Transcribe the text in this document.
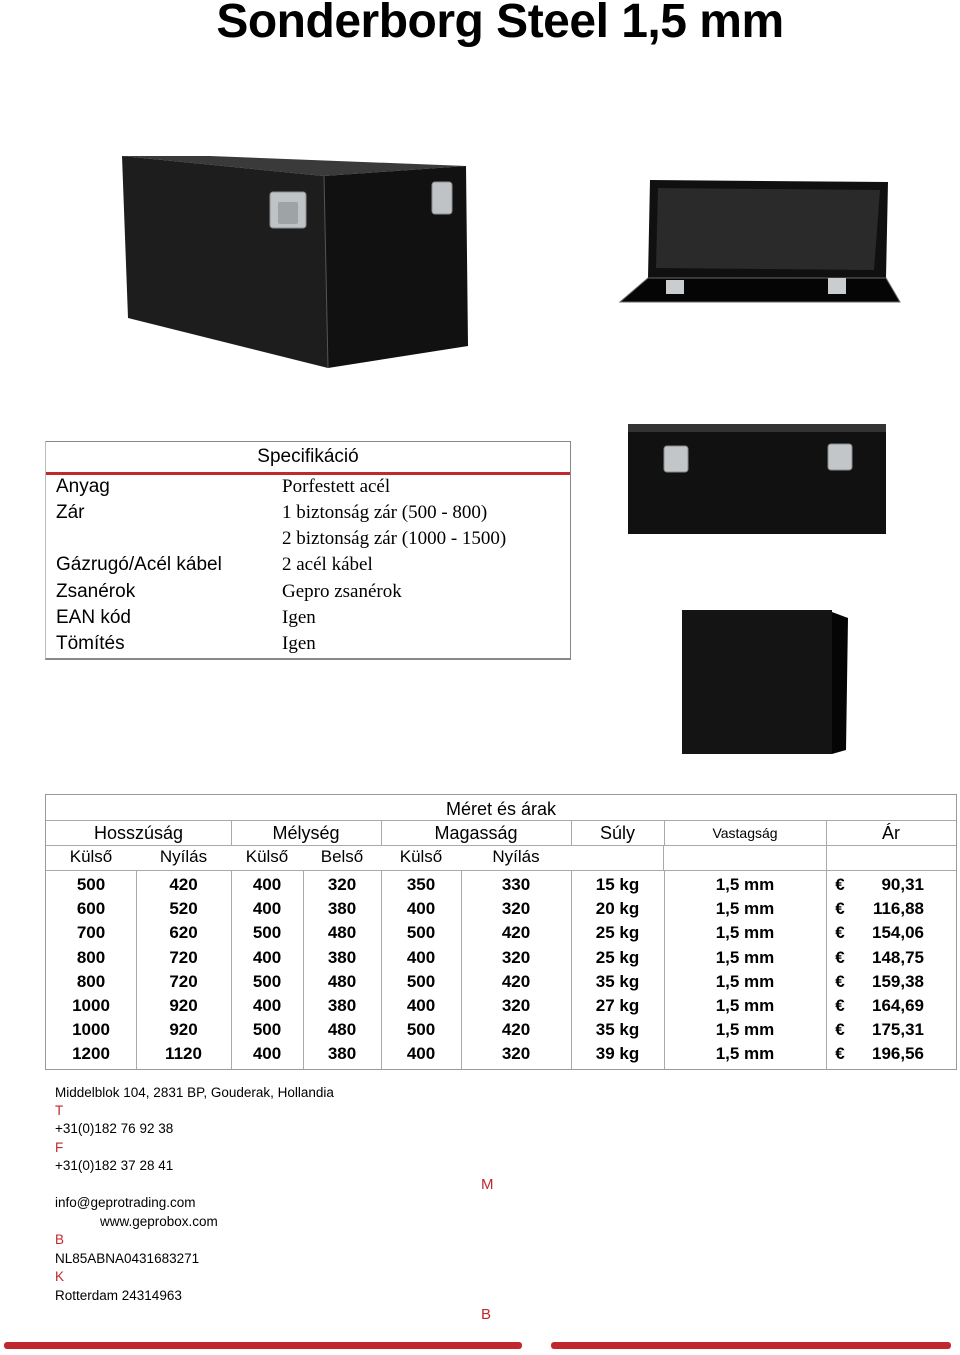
Sonderborg Steel 1,5 mm
Specifikáció
Anyag	Porfestett acél
Zár	1 biztonság zár (500 - 800)
2 biztonság zár (1000 - 1500)
Gázrugó/Acél kábel	2 acél kábel
Zsanérok	Gepro zsanérok
EAN kód	Igen
Tömítés	Igen
Méret és árak
Hosszúság	Mélység	Magasság	Súly	Vastagság	Ár
Külső	Nyílás	Külső	Belső	Külső	Nyílás
500	420	400	320	350	330	15 kg	1,5 mm	€	90,31
600	520	400	380	400	320	20 kg	1,5 mm	€	116,88
700	620	500	480	500	420	25 kg	1,5 mm	€	154,06
800	720	400	380	400	320	25 kg	1,5 mm	€	148,75
800	720	500	480	500	420	35 kg	1,5 mm	€	159,38
1000	920	400	380	400	320	27 kg	1,5 mm	€	164,69
1000	920	500	480	500	420	35 kg	1,5 mm	€	175,31
1200	1120	400	380	400	320	39 kg	1,5 mm	€	196,56
Middelblok 104, 2831 BP, Gouderak, Hollandia
T
+31(0)182 76 92 38
F
+31(0)182 37 28 41
info@geprotrading.com
www.geprobox.com
B
NL85ABNA0431683271
K
Rotterdam 24314963
M
B
